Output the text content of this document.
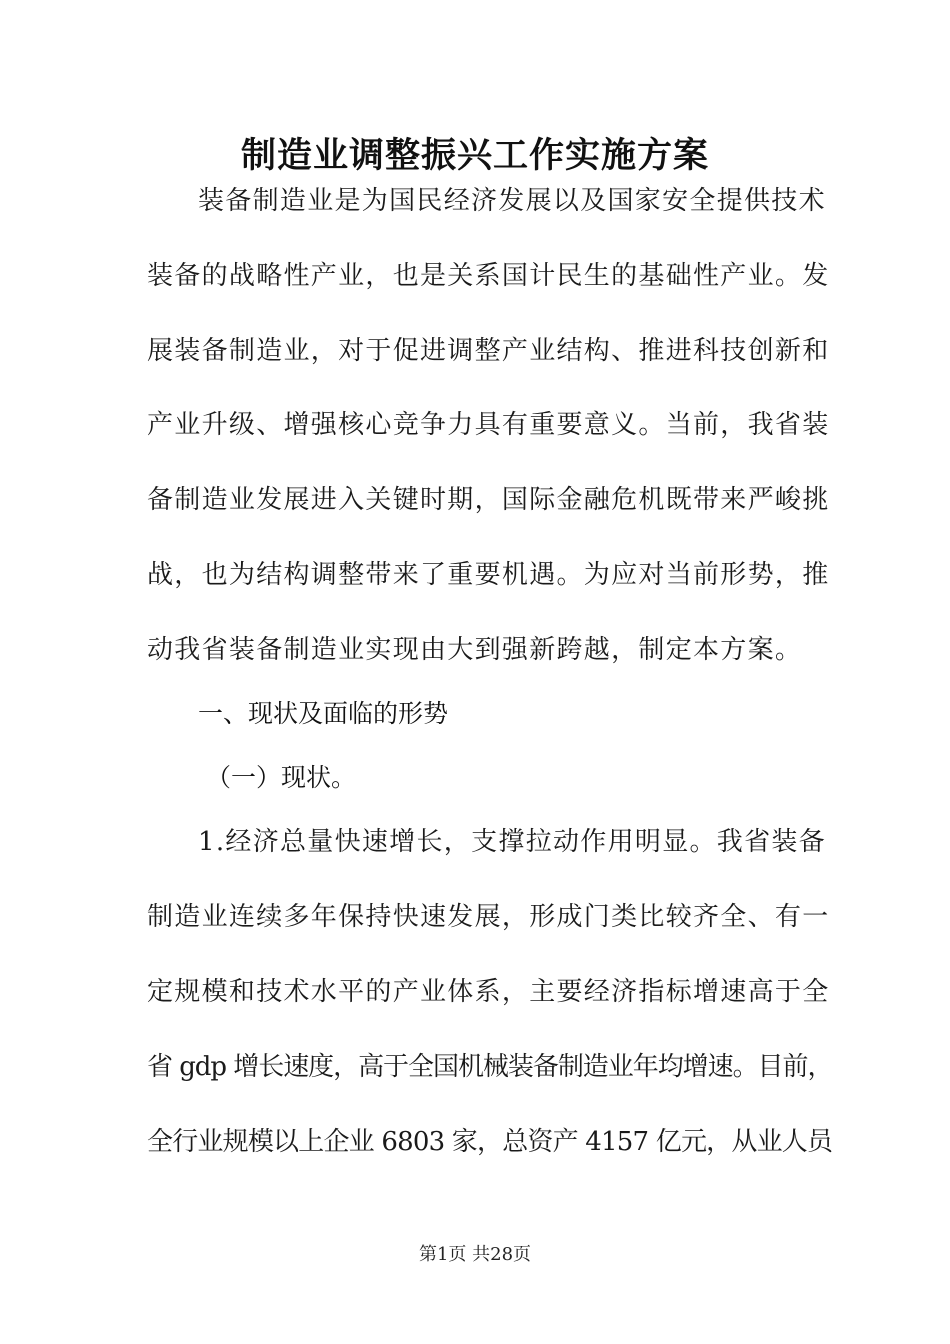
制造业调整振兴工作实施方案
装备制造业是为国民经济发展以及国家安全提供技术
装备的战略性产业，也是关系国计民生的基础性产业。发
展装备制造业，对于促进调整产业结构、推进科技创新和
产业升级、增强核心竞争力具有重要意义。当前，我省装
备制造业发展进入关键时期，国际金融危机既带来严峻挑
战，也为结构调整带来了重要机遇。为应对当前形势，推
动我省装备制造业实现由大到强新跨越，制定本方案。
一、现状及面临的形势
（一）现状。
1.经济总量快速增长，支撑拉动作用明显。我省装备
制造业连续多年保持快速发展，形成门类比较齐全、有一
定规模和技术水平的产业体系，主要经济指标增速高于全
省 gdp 增长速度，高于全国机械装备制造业年均增速。目前，
全行业规模以上企业 6803 家，总资产 4157 亿元，从业人员
第1页 共28页
